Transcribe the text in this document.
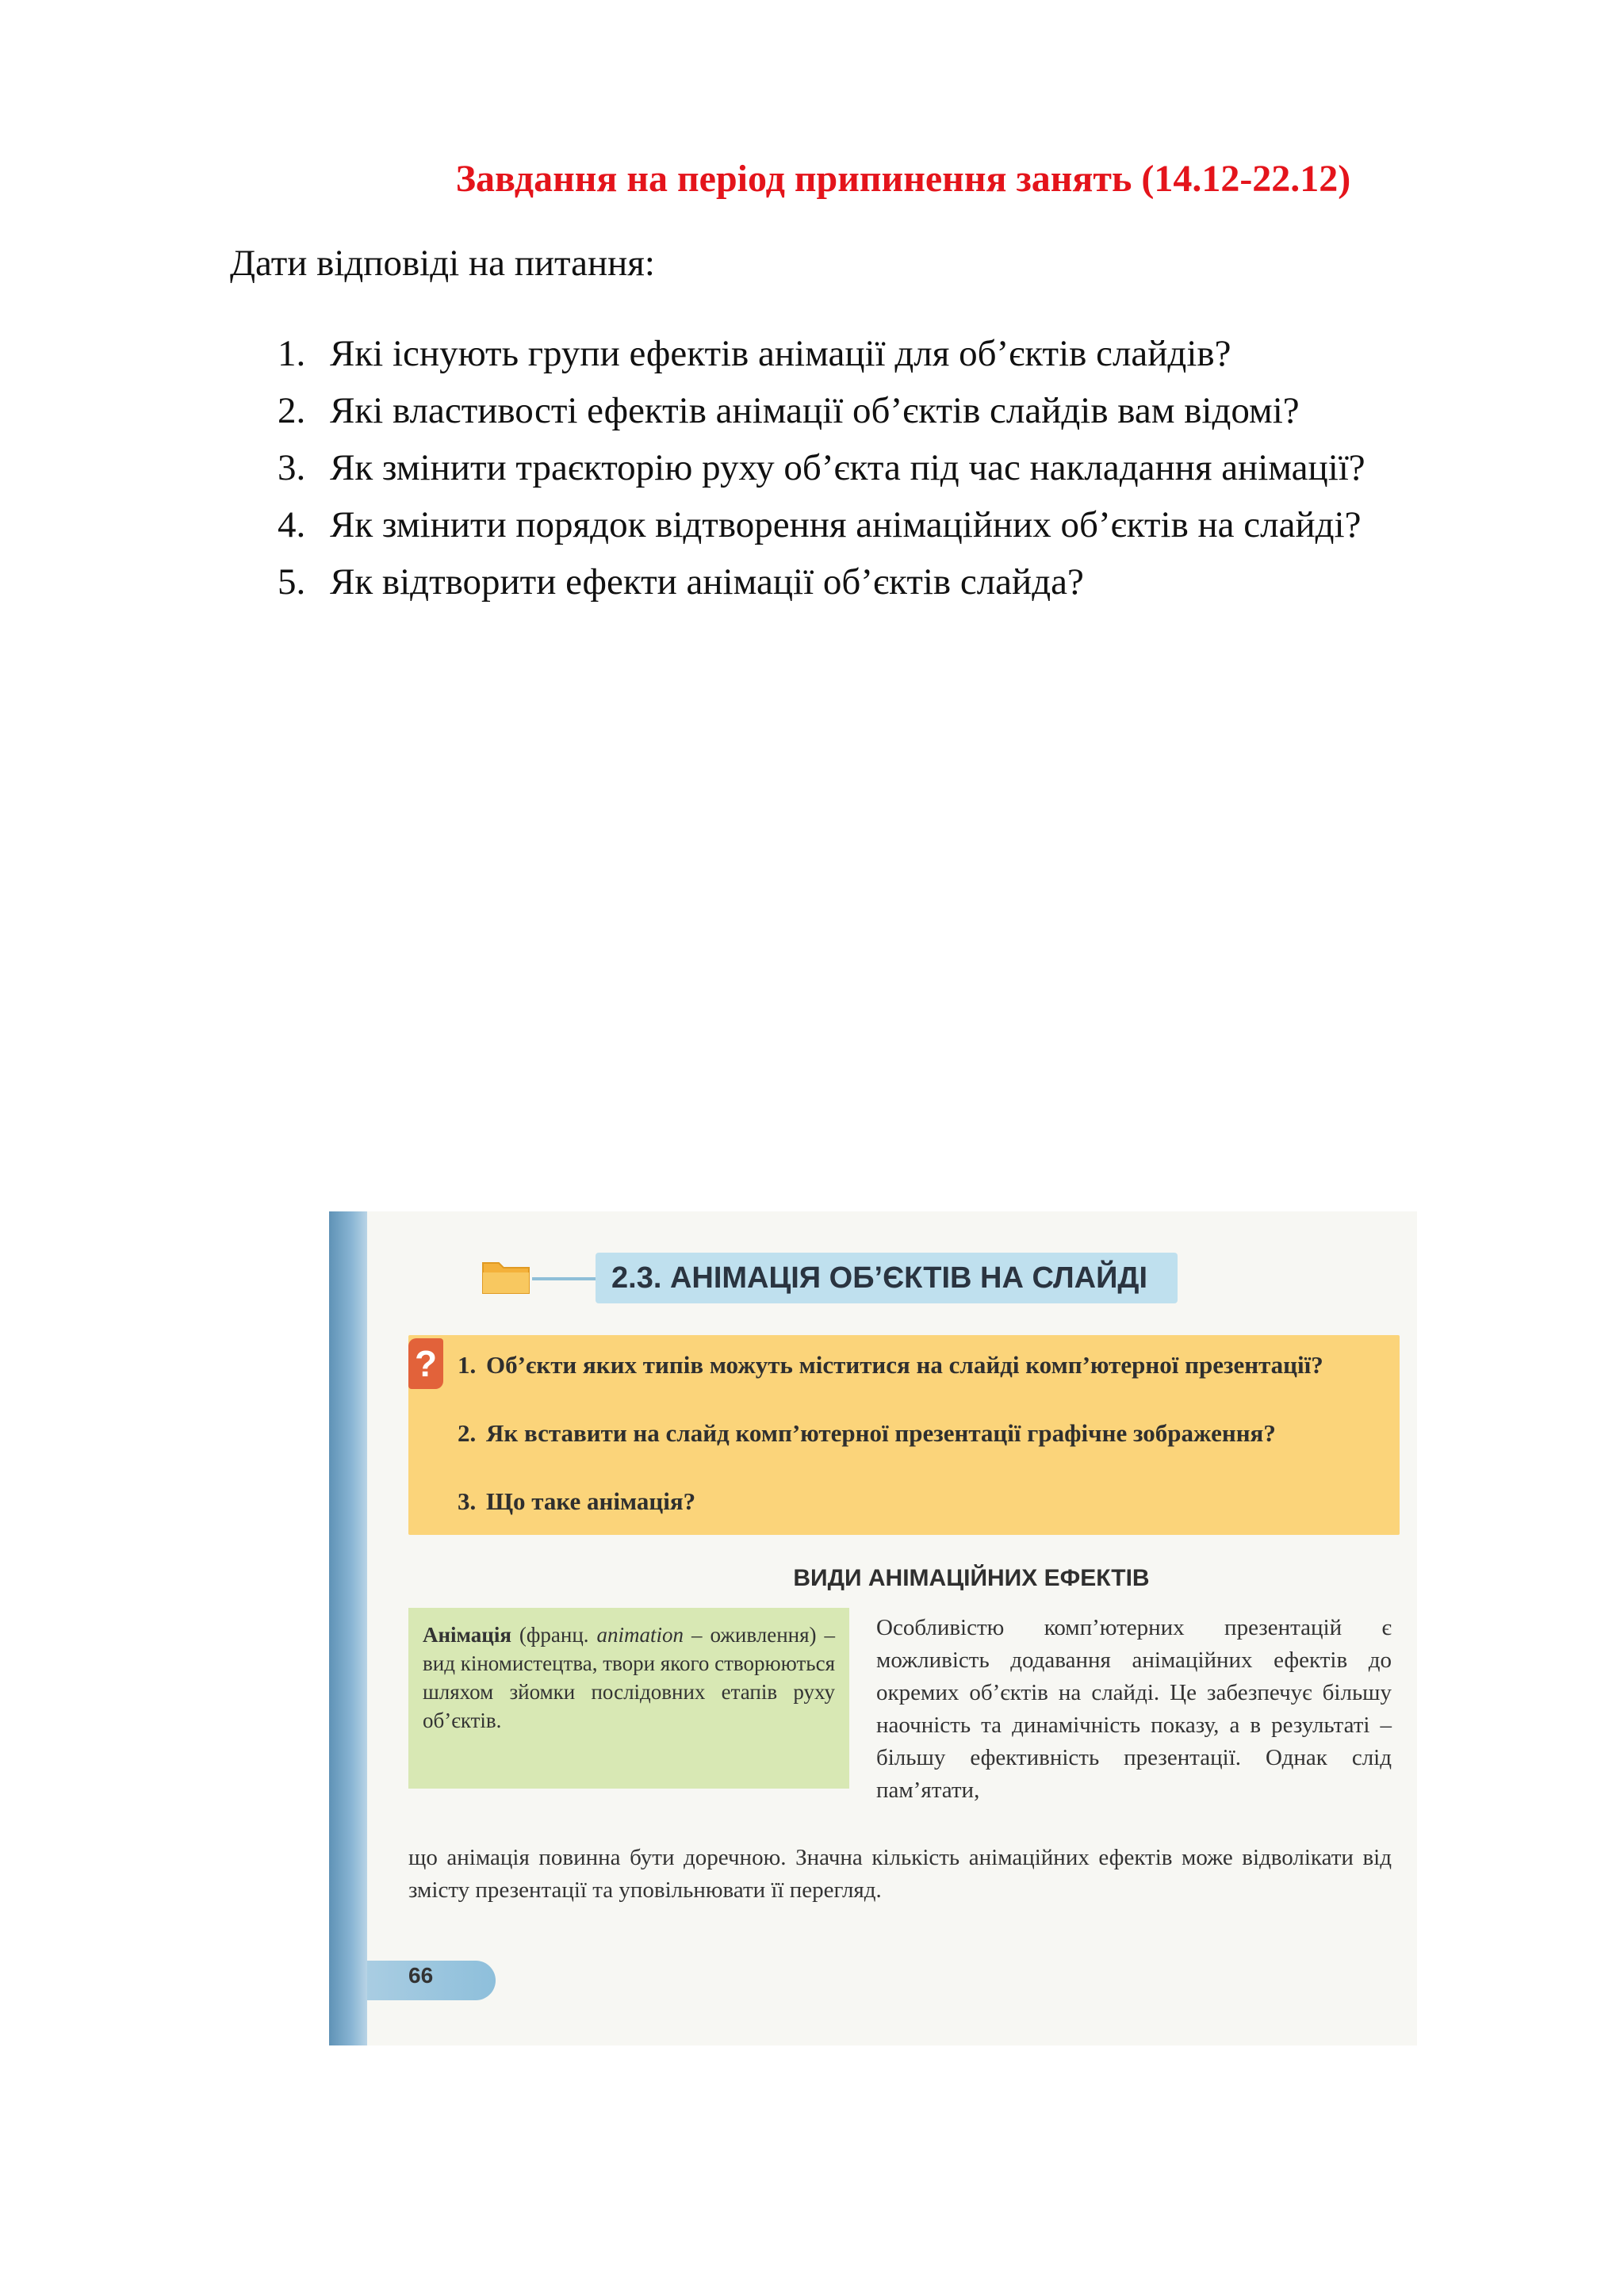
Завдання на період припинення занять (14.12-22.12)
Дати відповіді на питання:
1. Які існують групи ефектів анімації для об’єктів слайдів?
2. Які властивості ефектів анімації об’єктів слайдів вам відомі?
3. Як змінити траєкторію руху об’єкта під час накладання анімації?
4. Як змінити порядок відтворення анімаційних об’єктів на слайді?
5. Як відтворити ефекти анімації об’єктів слайда?
2.3. АНІМАЦІЯ ОБ’ЄКТІВ НА СЛАЙДІ
? 1. Об’єкти яких типів можуть міститися на слайді комп’ютерної презентації?
2. Як вставити на слайд комп’ютерної презентації графічне зображення?
3. Що таке анімація?
ВИДИ АНІМАЦІЙНИХ ЕФЕКТІВ
Анімація (франц. animation – оживлення) – вид кіномистецтва, твори якого створюються шляхом зйомки послідовних етапів руху об’єктів.
Особливістю комп’ютерних презентацій є можливість додавання анімаційних ефектів до окремих об’єктів на слайді. Це забезпечує більшу наочність та динамічність показу, а в результаті – більшу ефективність презентації. Однак слід пам’ятати,
що анімація повинна бути доречною. Значна кількість анімаційних ефектів може відволікати від змісту презентації та уповільнювати її перегляд.
66
